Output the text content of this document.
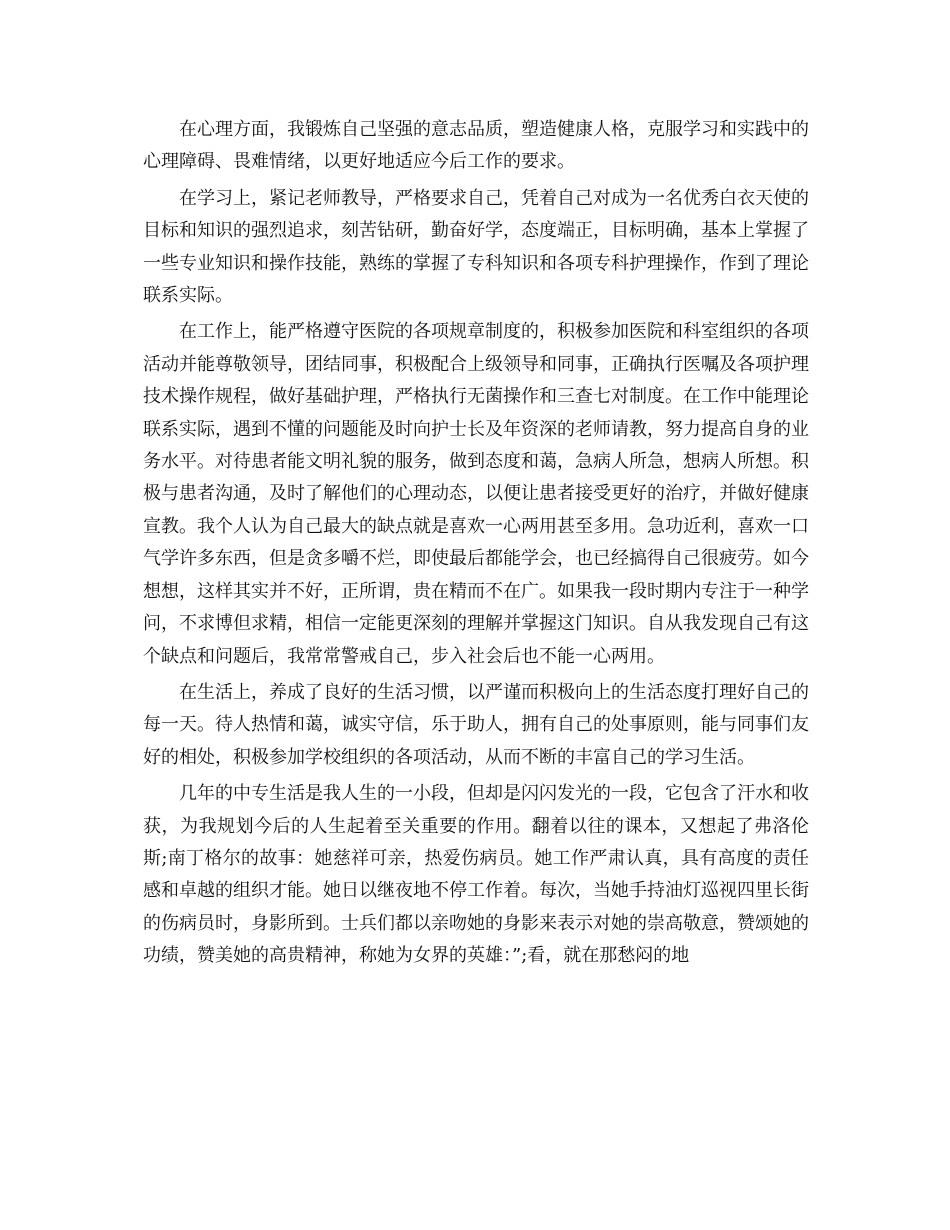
在心理方面，我锻炼自己坚强的意志品质，塑造健康人格，克服学习和实践中的心理障碍、畏难情绪，以更好地适应今后工作的要求。

在学习上，紧记老师教导，严格要求自己，凭着自己对成为一名优秀白衣天使的目标和知识的强烈追求，刻苦钻研，勤奋好学，态度端正，目标明确，基本上掌握了一些专业知识和操作技能，熟练的掌握了专科知识和各项专科护理操作，作到了理论联系实际。

在工作上，能严格遵守医院的各项规章制度的，积极参加医院和科室组织的各项活动并能尊敬领导，团结同事，积极配合上级领导和同事，正确执行医嘱及各项护理技术操作规程，做好基础护理，严格执行无菌操作和三查七对制度。在工作中能理论联系实际，遇到不懂的问题能及时向护士长及年资深的老师请教，努力提高自身的业务水平。对待患者能文明礼貌的服务，做到态度和蔼，急病人所急，想病人所想。积极与患者沟通，及时了解他们的心理动态，以便让患者接受更好的治疗，并做好健康宣教。我个人认为自己最大的缺点就是喜欢一心两用甚至多用。急功近利，喜欢一口气学许多东西，但是贪多嚼不烂，即使最后都能学会，也已经搞得自己很疲劳。如今想想，这样其实并不好，正所谓，贵在精而不在广。如果我一段时期内专注于一种学问，不求博但求精，相信一定能更深刻的理解并掌握这门知识。自从我发现自己有这个缺点和问题后，我常常警戒自己，步入社会后也不能一心两用。

在生活上，养成了良好的生活习惯，以严谨而积极向上的生活态度打理好自己的每一天。待人热情和蔼，诚实守信，乐于助人，拥有自己的处事原则，能与同事们友好的相处，积极参加学校组织的各项活动，从而不断的丰富自己的学习生活。

几年的中专生活是我人生的一小段，但却是闪闪发光的一段，它包含了汗水和收获，为我规划今后的人生起着至关重要的作用。翻着以往的课本，又想起了弗洛伦斯;南丁格尔的故事：她慈祥可亲，热爱伤病员。她工作严肃认真，具有高度的责任感和卓越的组织才能。她日以继夜地不停工作着。每次，当她手持油灯巡视四里长街的伤病员时，身影所到。士兵们都以亲吻她的身影来表示对她的崇高敬意，赞颂她的功绩，赞美她的高贵精神，称她为女界的英雄：”;看，就在那愁闷的地
